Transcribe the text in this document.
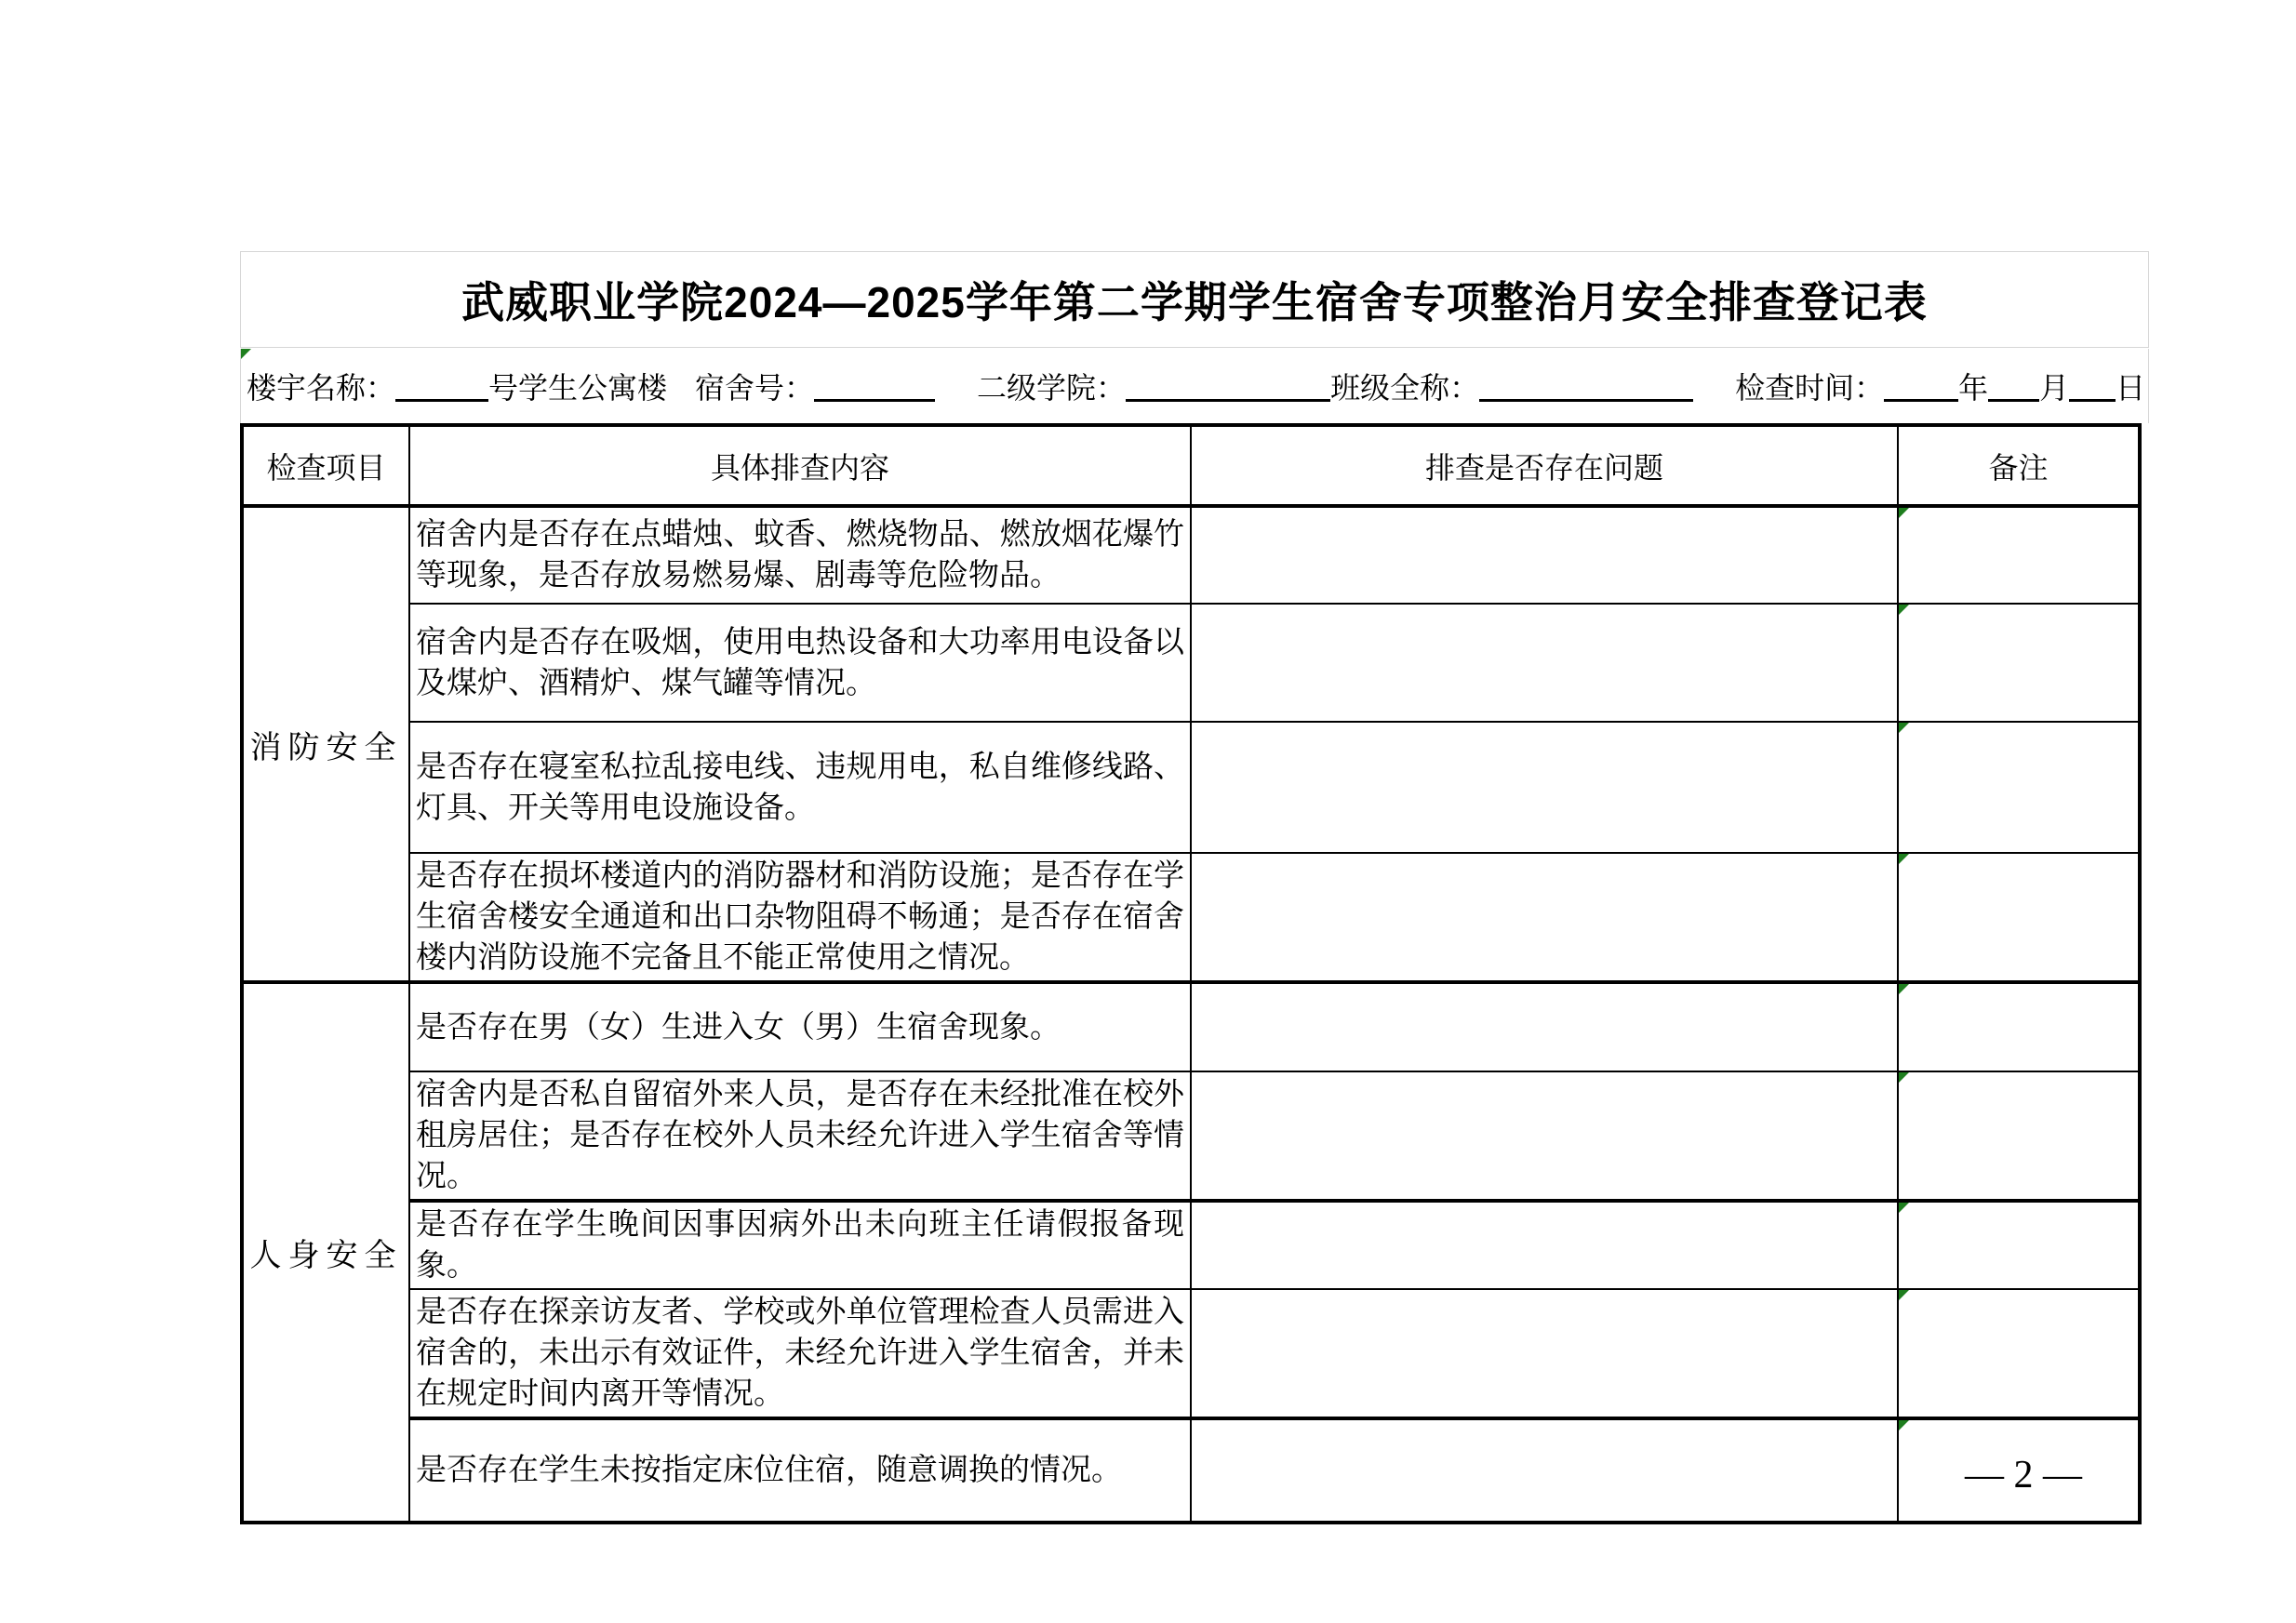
武威职业学院2024—2025学年第二学期学生宿舍专项整治月安全排查登记表
楼宇名称：	号学生公寓楼 宿舍号：	二级学院：	班级全称：	检查时间：	年 月 日
检查项目	具体排查内容	排查是否存在问题	备注
消防安全	宿舍内是否存在点蜡烛、蚊香、燃烧物品、燃放烟花爆竹等现象，是否存放易燃易爆、剧毒等危险物品。		

	宿舍内是否存在吸烟，使用电热设备和大功率用电设备以及煤炉、酒精炉、煤气罐等情况。		

	是否存在寝室私拉乱接电线、违规用电，私自维修线路、灯具、开关等用电设施设备。		

	是否存在损坏楼道内的消防器材和消防设施；是否存在学生宿舍楼安全通道和出口杂物阻碍不畅通；是否存在宿舍楼内消防设施不完备且不能正常使用之情况。		

人身安全	是否存在男（女）生进入女（男）生宿舍现象。		

	宿舍内是否私自留宿外来人员，是否存在未经批准在校外租房居住；是否存在校外人员未经允许进入学生宿舍等情况。		

	是否存在学生晚间因事因病外出未向班主任请假报备现象。		

	是否存在探亲访友者、学校或外单位管理检查人员需进入宿舍的，未出示有效证件，未经允许进入学生宿舍，并未在规定时间内离开等情况。		

	是否存在学生未按指定床位住宿，随意调换的情况。			— 2 —
